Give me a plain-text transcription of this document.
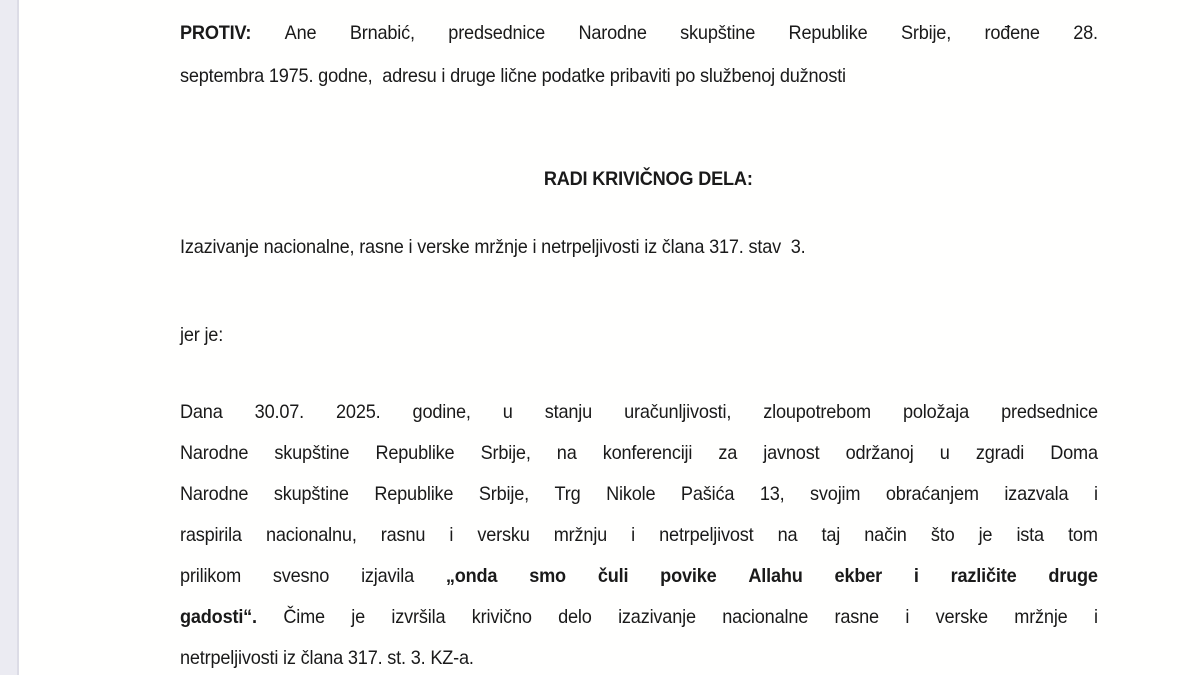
PROTIV: Ane Brnabić, predsednice Narodne skupštine Republike Srbije, rođene 28.
septembra 1975. godne,  adresu i druge lične podatke pribaviti po službenoj dužnosti
RADI KRIVIČNOG DELA:
Izazivanje nacionalne, rasne i verske mržnje i netrpeljivosti iz člana 317. stav  3.
jer je:
Dana 30.07. 2025. godine, u stanju uračunljivosti, zloupotrebom položaja predsednice
Narodne skupštine Republike Srbije, na konferenciji za javnost održanoj u zgradi Doma
Narodne skupštine Republike Srbije, Trg Nikole Pašića 13, svojim obraćanjem izazvala i
raspirila nacionalnu, rasnu i versku mržnju i netrpeljivost na taj način što je ista tom
prilikom svesno izjavila „onda smo čuli povike Allahu ekber i različite druge
gadosti“. Čime je izvršila krivično delo izazivanje nacionalne rasne i verske mržnje i
netrpeljivosti iz člana 317. st. 3. KZ-a.
